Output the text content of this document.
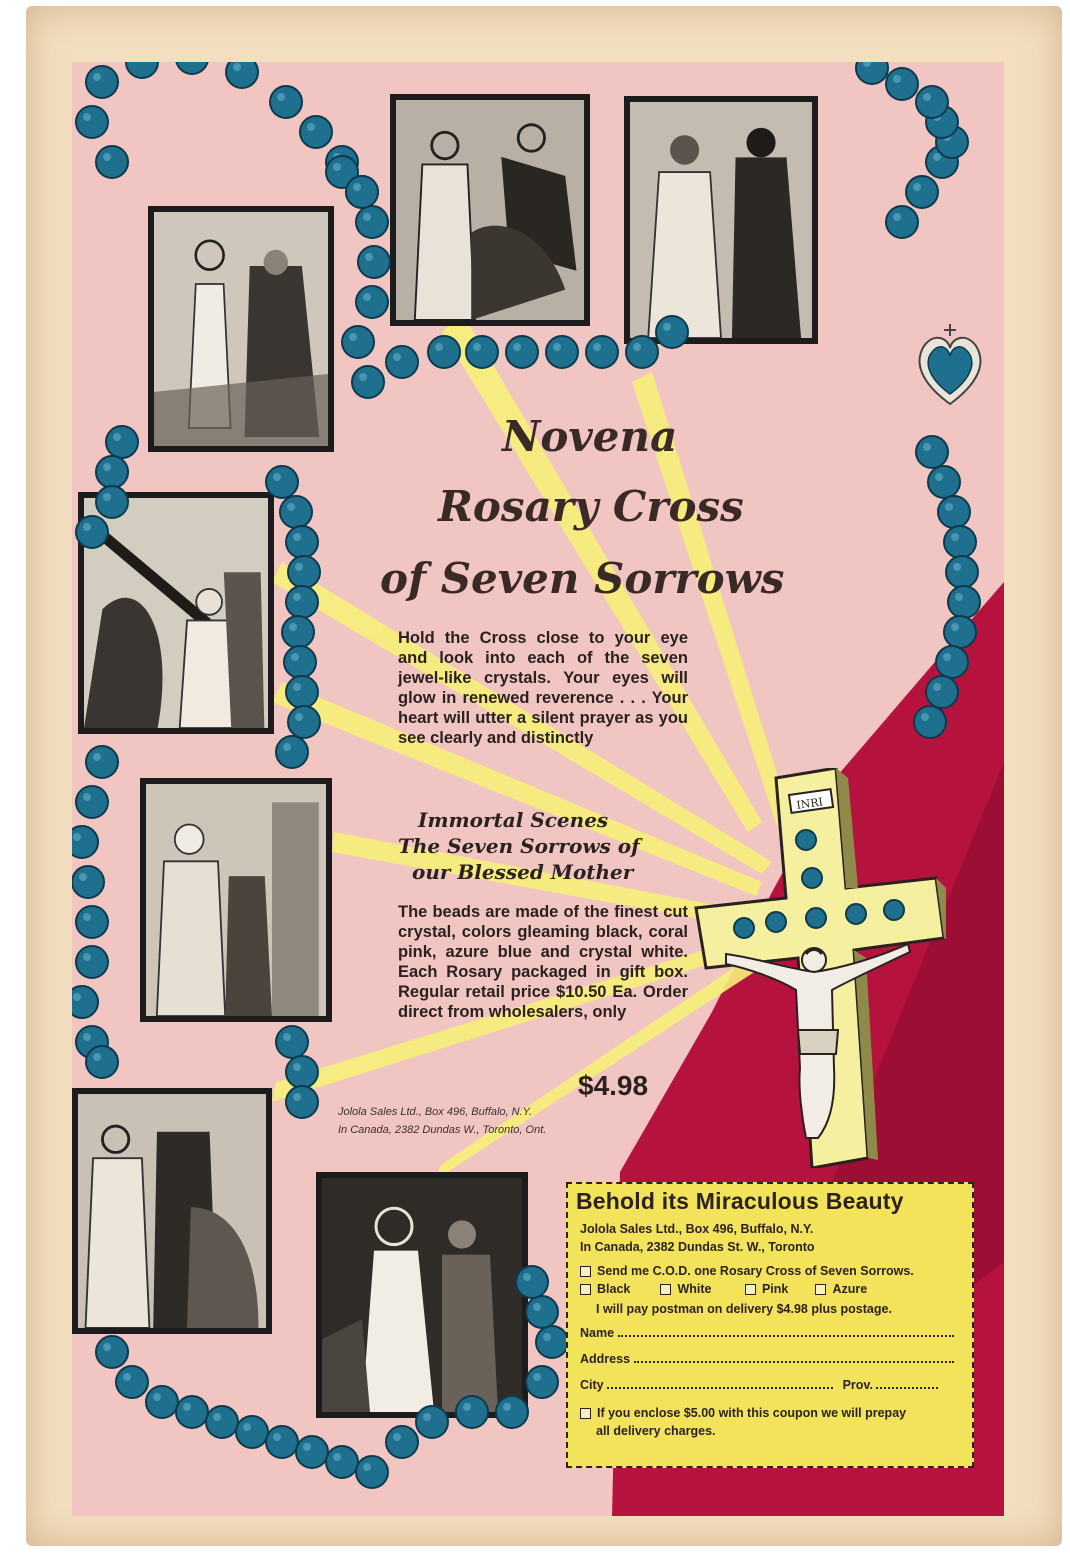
INRI
Novena
Rosary Cross
of Seven Sorrows

Hold the Cross close to your eye and look into each of the seven jewel-like crystals. Your eyes will glow in renewed reverence . . . Your heart will utter a silent prayer as you see clearly and distinctly

Immortal Scenes
The Seven Sorrows of
our Blessed Mother

The beads are made of the finest cut crystal, colors gleaming black, coral pink, azure blue and crystal white. Each Rosary packaged in gift box. Regular retail price $10.50 Ea. Order direct from wholesalers, only

$4.98
Jolola Sales Ltd., Box 496, Buffalo, N.Y.
In Canada, 2382 Dundas W., Toronto, Ont.
Behold its Miraculous Beauty
Jolola Sales Ltd., Box 496, Buffalo, N.Y.
In Canada, 2382 Dundas St. W., Toronto
Send me C.O.D. one Rosary Cross of Seven Sorrows.
Black	White	Pink	Azure
I will pay postman on delivery $4.98 plus postage.
Name
Address
City	Prov.
If you enclose $5.00 with this coupon we will prepay
all delivery charges.
